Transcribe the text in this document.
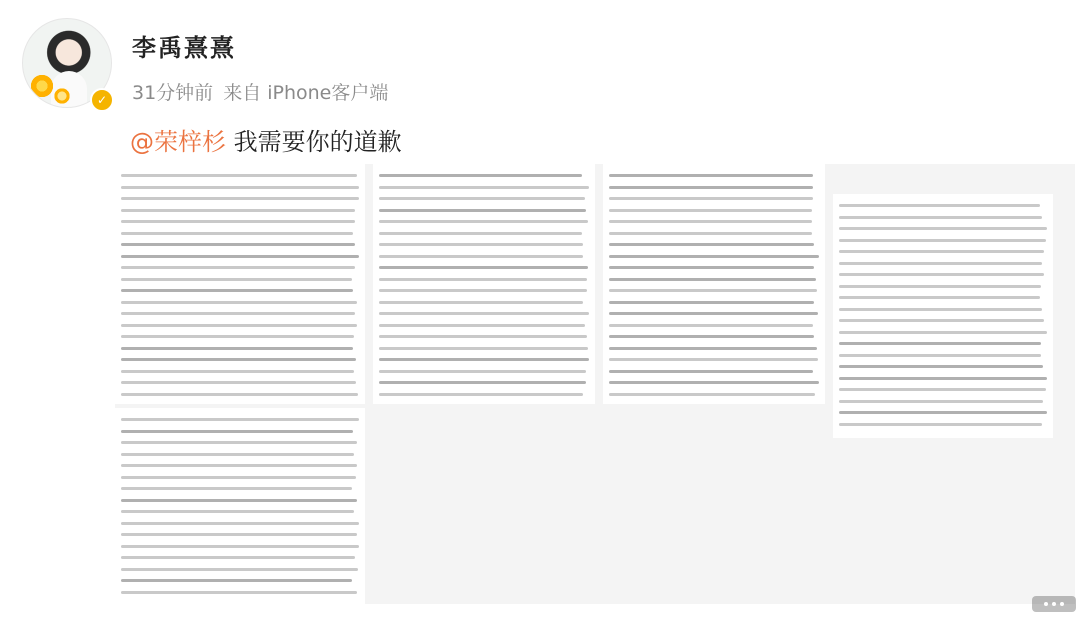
✓
李禹熹熹
31分钟前 来自 iPhone客户端
@荣梓杉 我需要你的道歉
